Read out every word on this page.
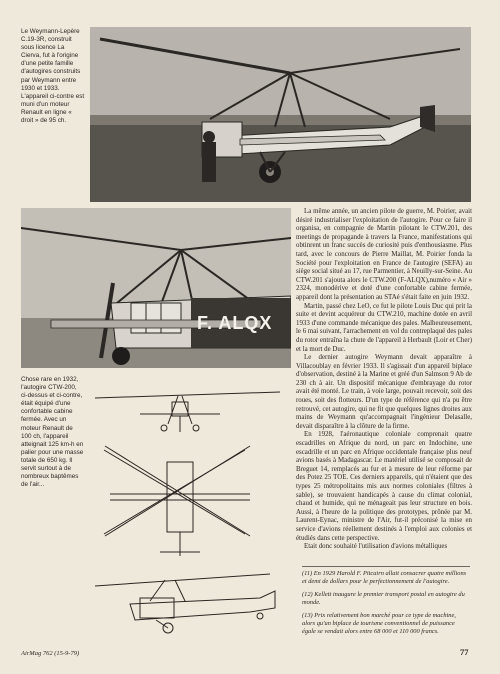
Le Weymann-Lepère C.19-3R, construit sous licence La Cierva, fut à l'origine d'une petite famille d'autogires construits par Weymann entre 1930 et 1933. L'appareil ci-contre est muni d'un moteur Renault en ligne « droit » de 95 ch.
F. ALQX
Chose rare en 1932, l'autogire CTW-200, ci-dessus et ci-contre, était équipé d'une confortable cabine fermée. Avec un moteur Renault de 100 ch, l'appareil atteignait 125 km-h en palier pour une masse totale de 650 kg. Il servit surtout à de nombreux baptêmes de l'air...

La même année, un ancien pilote de guerre, M. Poirier, avait désiré industrialiser l'exploitation de l'autogire. Pour ce faire il organisa, en compagnie de Martin pilotant le CTW.201, des meetings de propagande à travers la France, manifestations qui obtinrent un franc succès de curiosité puis d'enthousiasme. Plus tard, avec le concours de Pierre Maillat, M. Poirier fonda la Société pour l'exploitation en France de l'autogire (SEFA) au siège social situé au 17, rue Parmentier, à Neuilly-sur-Seine. Au CTW.201 s'ajouta alors le CTW.200 (F-ALQX),numéro « Air » 2324, monodérive et doté d'une confortable cabine fermée, appareil dont la présentation au STAé s'était faite en juin 1932.

Martin, passé chez LeO, ce fut le pilote Louis Duc qui prit la suite et devint acquéreur du CTW.210, machine dotée en avril 1933 d'une commande mécanique des pales. Malheureusement, le 6 mai suivant, l'arrachement en vol du contreplaqué des pales du rotor entraîna la chute de l'appareil à Herbault (Loir et Cher) et la mort de Duc.

Le dernier autogire Weymann devait apparaître à Villacoublay en février 1933. Il s'agissait d'un appareil biplace d'observation, destiné à la Marine et gréé d'un Salmson 9 Ab de 230 ch à air. Un dispositif mécanique d'embrayage du rotor avait été monté. Le train, à voie large, pouvait recevoir, soit des roues, soit des flotteurs. D'un type de référence qui n'a pu être retrouvé, cet autogire, qui ne fit que quelques lignes droites aux mains de Weymann qu'accompagnait l'ingénieur Delasalle, devait disparaître à la clôture de la firme.

En 1928, l'aéronautique coloniale comprenait quatre escadrilles en Afrique du nord, un parc en Indochine, une escadrille et un parc en Afrique occidentale française plus neuf avions basés à Madagascar. Le matériel utilisé se composait de Breguet 14, remplacés au fur et à mesure de leur réforme par des Potez 25 TOE. Ces derniers appareils, qui n'étaient que des types 25 métropolitains mis aux normes coloniales (filtres à sable), se trouvaient handicapés à cause du climat colonial, chaud et humide, qui ne ménageait pas leur structure en bois. Aussi, à l'heure de la politique des prototypes, prônée par M. Laurent-Eynac, ministre de l'Air, fut-il préconisé la mise en service d'avions réellement destinés à l'emploi aux colonies et étudiés dans cette perspective.

Etait donc souhaité l'utilisation d'avions métalliques

(11) En 1929 Harold F. Pitcairn allait consacrer quatre millions et demi de dollars pour le perfectionnement de l'autogire.

(12) Kellett inaugure le premier transport postal en autogire du monde.

(13) Prix relativement bon marché pour ce type de machine, alors qu'un biplace de tourisme conventionnel de puissance égale se vendait alors entre 68 000 et 110 000 francs.

AirMag 762 (15-9-79)	77
